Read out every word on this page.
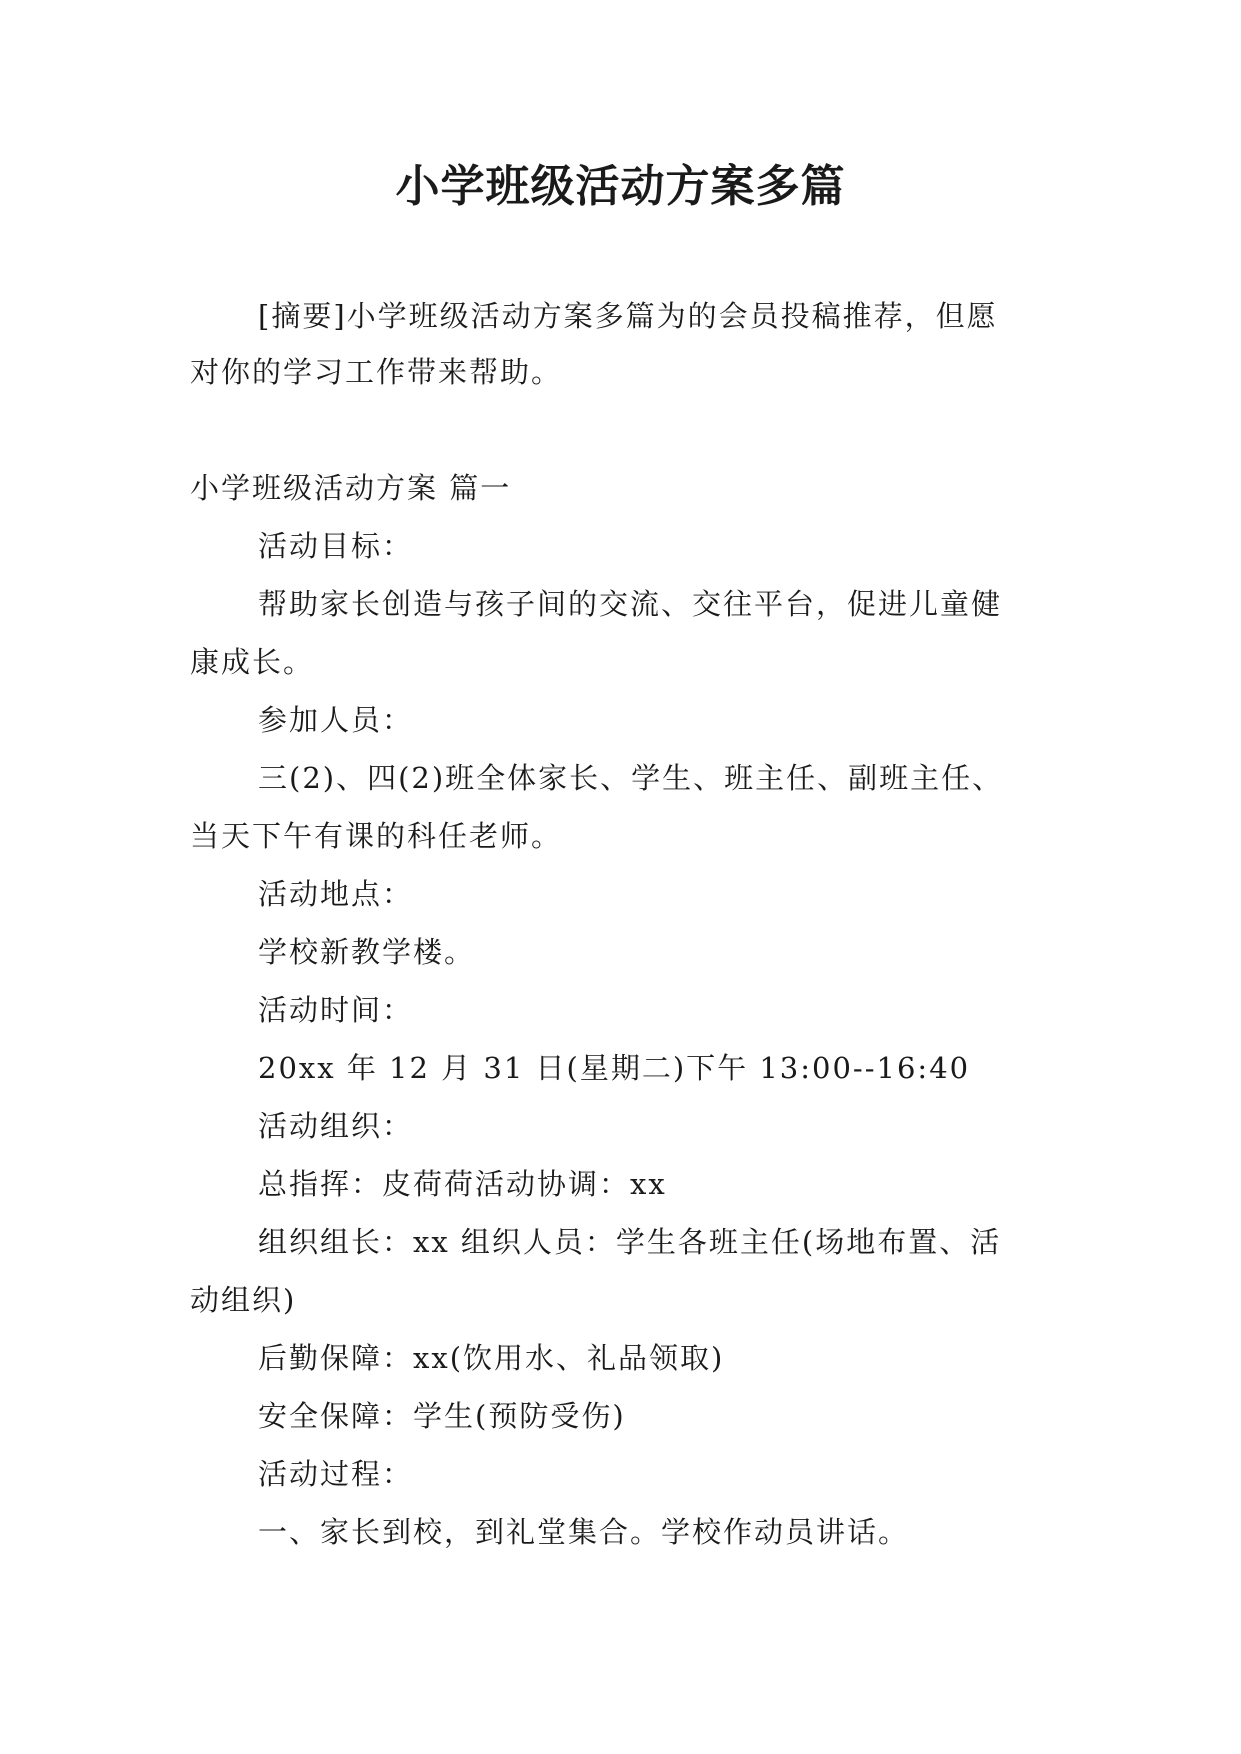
小学班级活动方案多篇
[摘要]小学班级活动方案多篇为的会员投稿推荐，但愿
对你的学习工作带来帮助。
小学班级活动方案 篇一
活动目标：
帮助家长创造与孩子间的交流、交往平台，促进儿童健
康成长。
参加人员：
三(2)、四(2)班全体家长、学生、班主任、副班主任、
当天下午有课的科任老师。
活动地点：
学校新教学楼。
活动时间：
20xx 年 12 月 31 日(星期二)下午 13:00--16:40
活动组织：
总指挥：皮荷荷活动协调：xx
组织组长：xx 组织人员：学生各班主任(场地布置、活
动组织)
后勤保障：xx(饮用水、礼品领取)
安全保障：学生(预防受伤)
活动过程：
一、家长到校，到礼堂集合。学校作动员讲话。
